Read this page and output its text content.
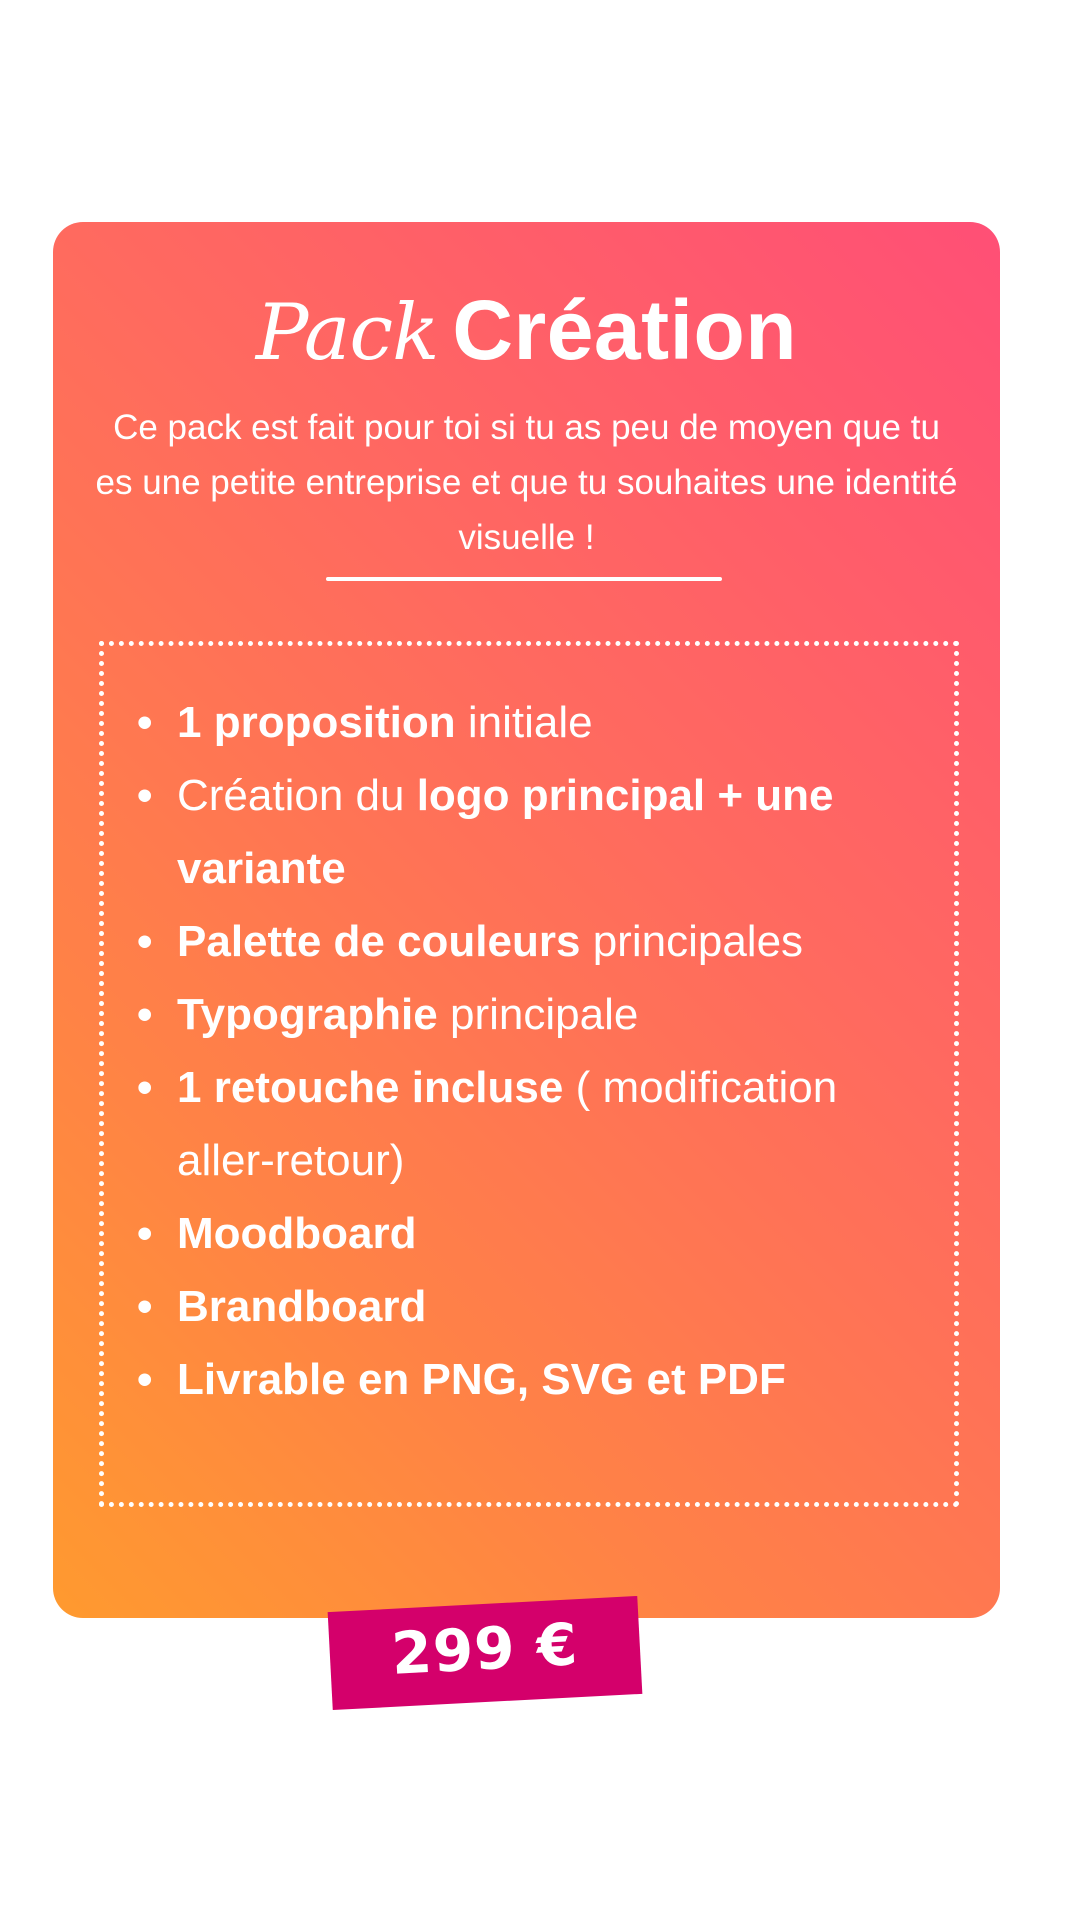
Pack Création

Ce pack est fait pour toi si tu as peu de moyen que tu es une petite entreprise et que tu souhaites une identité visuelle !

• 1 proposition initiale
• Création du logo principal + une variante
• Palette de couleurs principales
• Typographie principale
• 1 retouche incluse ( modification aller-retour)
• Moodboard
• Brandboard
• Livrable en PNG, SVG et PDF
299 €
